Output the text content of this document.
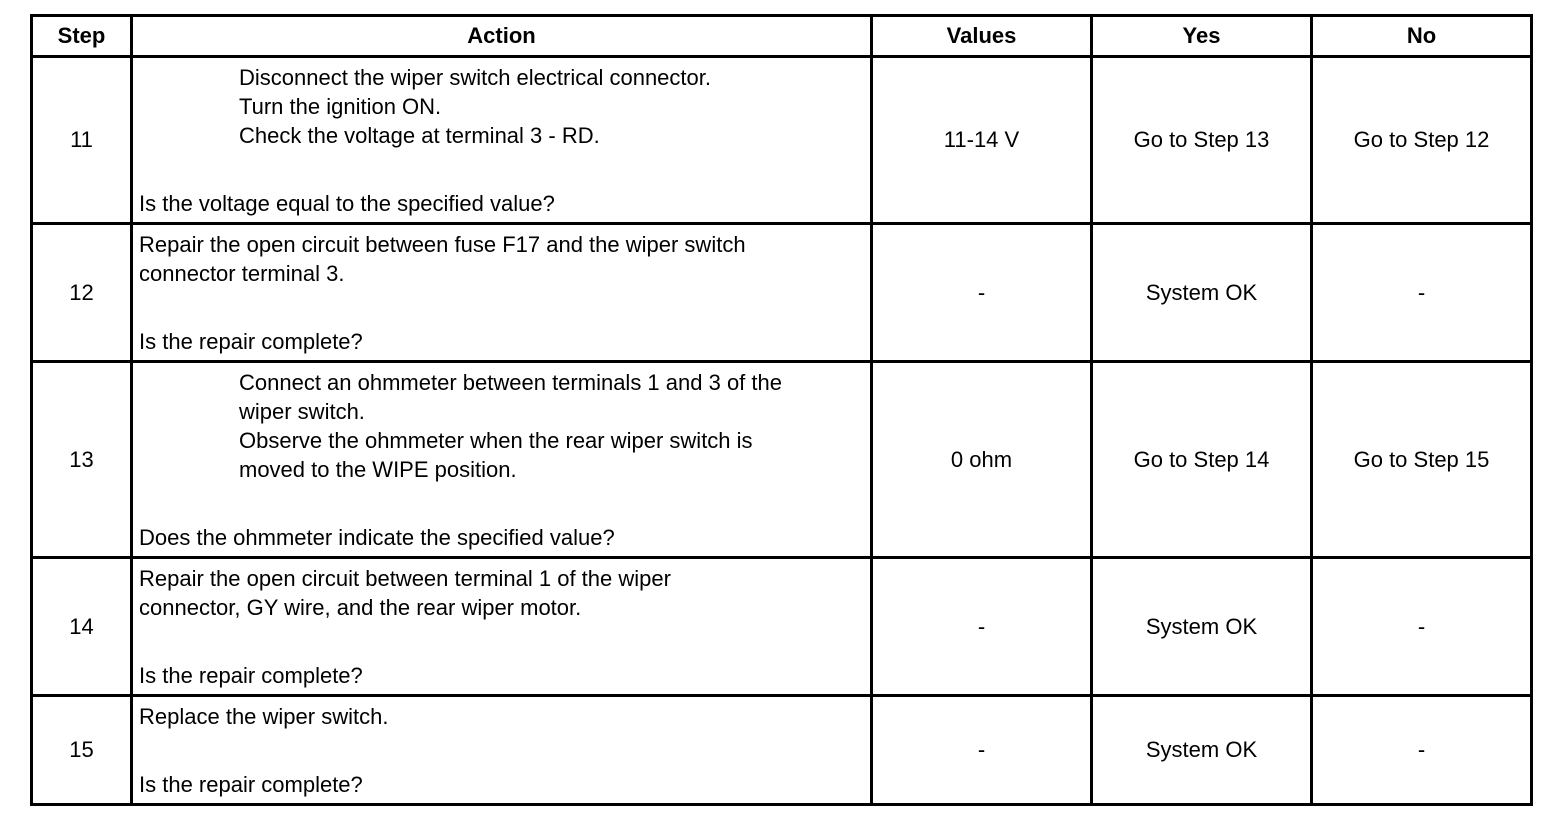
Step	Action	Values	Yes	No
11	Disconnect the wiper switch electrical connector.
Turn the ignition ON.
Check the voltage at terminal 3 - RD.
Is the voltage equal to the specified value?	11-14 V	Go to Step 13	Go to Step 12
12	Repair the open circuit between fuse F17 and the wiper switch
connector terminal 3.
Is the repair complete?	-	System OK	-
13	Connect an ohmmeter between terminals 1 and 3 of the
wiper switch.
Observe the ohmmeter when the rear wiper switch is
moved to the WIPE position.
Does the ohmmeter indicate the specified value?	0 ohm	Go to Step 14	Go to Step 15
14	Repair the open circuit between terminal 1 of the wiper
connector, GY wire, and the rear wiper motor.
Is the repair complete?	-	System OK	-
15	Replace the wiper switch.
Is the repair complete?	-	System OK	-
